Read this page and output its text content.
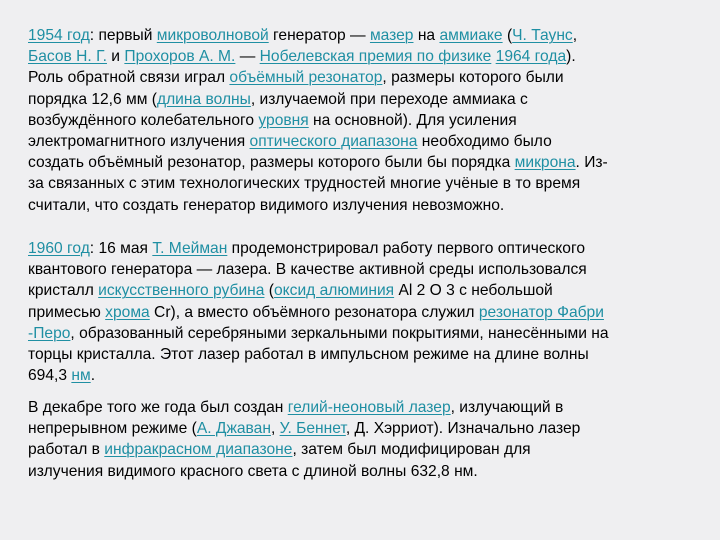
1954 год: первый микроволновой генератор — мазер на аммиаке (Ч. Таунс,
Басов Н. Г. и Прохоров А. М. — Нобелевская премия по физике 1964 года).
Роль обратной связи играл объёмный резонатор, размеры которого были
порядка 12,6 мм (длина волны, излучаемой при переходе аммиака с
возбуждённого колебательного уровня на основной). Для усиления
электромагнитного излучения оптического диапазона необходимо было
создать объёмный резонатор, размеры которого были бы порядка микрона. Из-
за связанных с этим технологических трудностей многие учёные в то время
считали, что создать генератор видимого излучения невозможно.

1960 год: 16 мая Т. Мейман продемонстрировал работу первого оптического
квантового генератора — лазера. В качестве активной среды использовался
кристалл искусственного рубина (оксид алюминия Al 2 O 3 с небольшой
примесью хрома Cr), а вместо объёмного резонатора служил резонатор Фабри
-Перо, образованный серебряными зеркальными покрытиями, нанесёнными на
торцы кристалла. Этот лазер работал в импульсном режиме на длине волны
694,3 нм.

В декабре того же года был создан гелий-неоновый лазер, излучающий в
непрерывном режиме (А. Джаван, У. Беннет, Д. Хэрриот). Изначально лазер
работал в инфракрасном диапазоне, затем был модифицирован для
излучения видимого красного света с длиной волны 632,8 нм.
